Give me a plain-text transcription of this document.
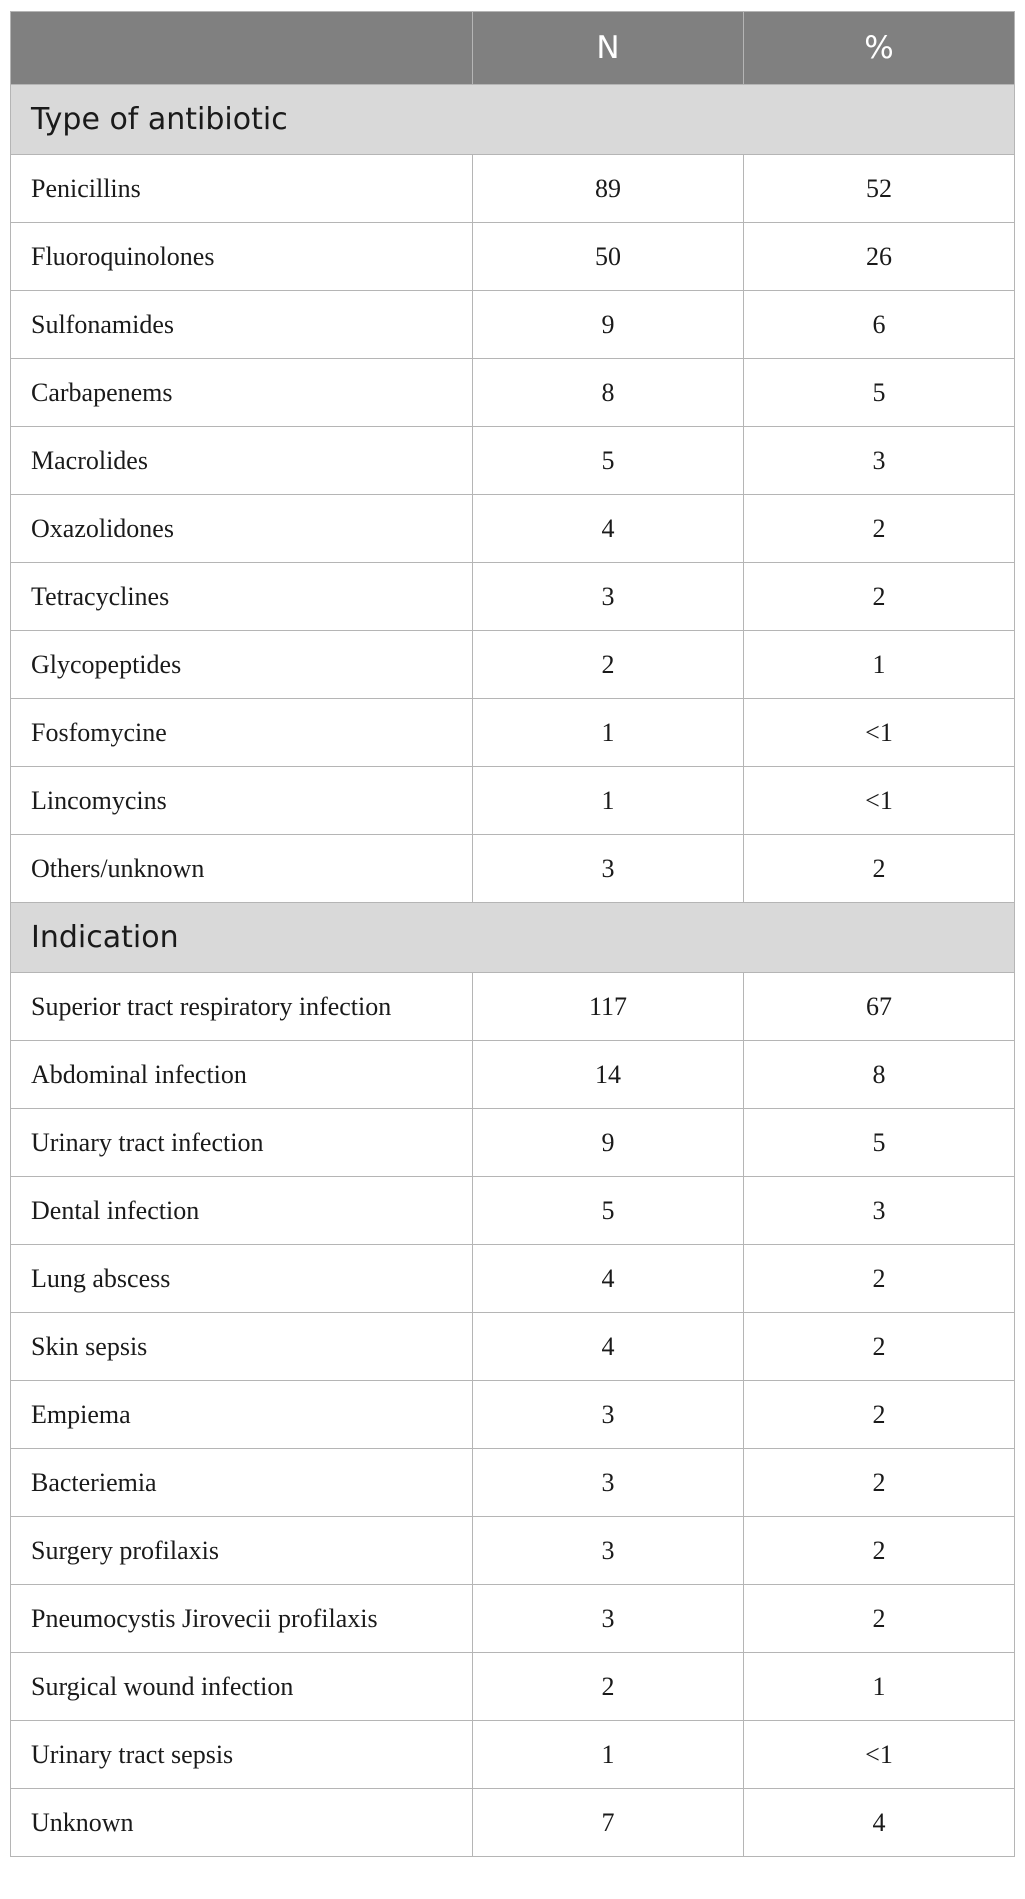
	N	%
Type of antibiotic		
Penicillins	89	52
Fluoroquinolones	50	26
Sulfonamides	9	6
Carbapenems	8	5
Macrolides	5	3
Oxazolidones	4	2
Tetracyclines	3	2
Glycopeptides	2	1
Fosfomycine	1	<1
Lincomycins	1	<1
Others/unknown	3	2
Indication		
Superior tract respiratory infection	117	67
Abdominal infection	14	8
Urinary tract infection	9	5
Dental infection	5	3
Lung abscess	4	2
Skin sepsis	4	2
Empiema	3	2
Bacteriemia	3	2
Surgery profilaxis	3	2
Pneumocystis Jirovecii profilaxis	3	2
Surgical wound infection	2	1
Urinary tract sepsis	1	<1
Unknown	7	4
